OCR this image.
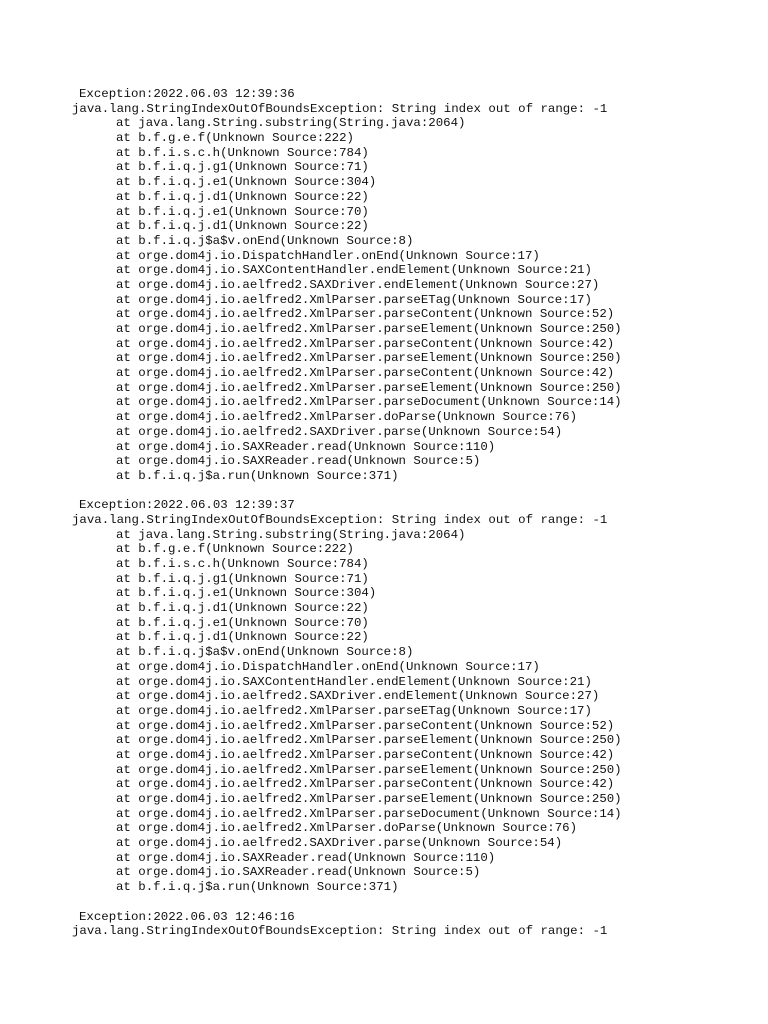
Exception:2022.06.03 12:39:36
java.lang.StringIndexOutOfBoundsException: String index out of range: -1
at java.lang.String.substring(String.java:2064)
at b.f.g.e.f(Unknown Source:222)
at b.f.i.s.c.h(Unknown Source:784)
at b.f.i.q.j.g1(Unknown Source:71)
at b.f.i.q.j.e1(Unknown Source:304)
at b.f.i.q.j.d1(Unknown Source:22)
at b.f.i.q.j.e1(Unknown Source:70)
at b.f.i.q.j.d1(Unknown Source:22)
at b.f.i.q.j$a$v.onEnd(Unknown Source:8)
at orge.dom4j.io.DispatchHandler.onEnd(Unknown Source:17)
at orge.dom4j.io.SAXContentHandler.endElement(Unknown Source:21)
at orge.dom4j.io.aelfred2.SAXDriver.endElement(Unknown Source:27)
at orge.dom4j.io.aelfred2.XmlParser.parseETag(Unknown Source:17)
at orge.dom4j.io.aelfred2.XmlParser.parseContent(Unknown Source:52)
at orge.dom4j.io.aelfred2.XmlParser.parseElement(Unknown Source:250)
at orge.dom4j.io.aelfred2.XmlParser.parseContent(Unknown Source:42)
at orge.dom4j.io.aelfred2.XmlParser.parseElement(Unknown Source:250)
at orge.dom4j.io.aelfred2.XmlParser.parseContent(Unknown Source:42)
at orge.dom4j.io.aelfred2.XmlParser.parseElement(Unknown Source:250)
at orge.dom4j.io.aelfred2.XmlParser.parseDocument(Unknown Source:14)
at orge.dom4j.io.aelfred2.XmlParser.doParse(Unknown Source:76)
at orge.dom4j.io.aelfred2.SAXDriver.parse(Unknown Source:54)
at orge.dom4j.io.SAXReader.read(Unknown Source:110)
at orge.dom4j.io.SAXReader.read(Unknown Source:5)
at b.f.i.q.j$a.run(Unknown Source:371)
Exception:2022.06.03 12:39:37
java.lang.StringIndexOutOfBoundsException: String index out of range: -1
at java.lang.String.substring(String.java:2064)
at b.f.g.e.f(Unknown Source:222)
at b.f.i.s.c.h(Unknown Source:784)
at b.f.i.q.j.g1(Unknown Source:71)
at b.f.i.q.j.e1(Unknown Source:304)
at b.f.i.q.j.d1(Unknown Source:22)
at b.f.i.q.j.e1(Unknown Source:70)
at b.f.i.q.j.d1(Unknown Source:22)
at b.f.i.q.j$a$v.onEnd(Unknown Source:8)
at orge.dom4j.io.DispatchHandler.onEnd(Unknown Source:17)
at orge.dom4j.io.SAXContentHandler.endElement(Unknown Source:21)
at orge.dom4j.io.aelfred2.SAXDriver.endElement(Unknown Source:27)
at orge.dom4j.io.aelfred2.XmlParser.parseETag(Unknown Source:17)
at orge.dom4j.io.aelfred2.XmlParser.parseContent(Unknown Source:52)
at orge.dom4j.io.aelfred2.XmlParser.parseElement(Unknown Source:250)
at orge.dom4j.io.aelfred2.XmlParser.parseContent(Unknown Source:42)
at orge.dom4j.io.aelfred2.XmlParser.parseElement(Unknown Source:250)
at orge.dom4j.io.aelfred2.XmlParser.parseContent(Unknown Source:42)
at orge.dom4j.io.aelfred2.XmlParser.parseElement(Unknown Source:250)
at orge.dom4j.io.aelfred2.XmlParser.parseDocument(Unknown Source:14)
at orge.dom4j.io.aelfred2.XmlParser.doParse(Unknown Source:76)
at orge.dom4j.io.aelfred2.SAXDriver.parse(Unknown Source:54)
at orge.dom4j.io.SAXReader.read(Unknown Source:110)
at orge.dom4j.io.SAXReader.read(Unknown Source:5)
at b.f.i.q.j$a.run(Unknown Source:371)
Exception:2022.06.03 12:46:16
java.lang.StringIndexOutOfBoundsException: String index out of range: -1
